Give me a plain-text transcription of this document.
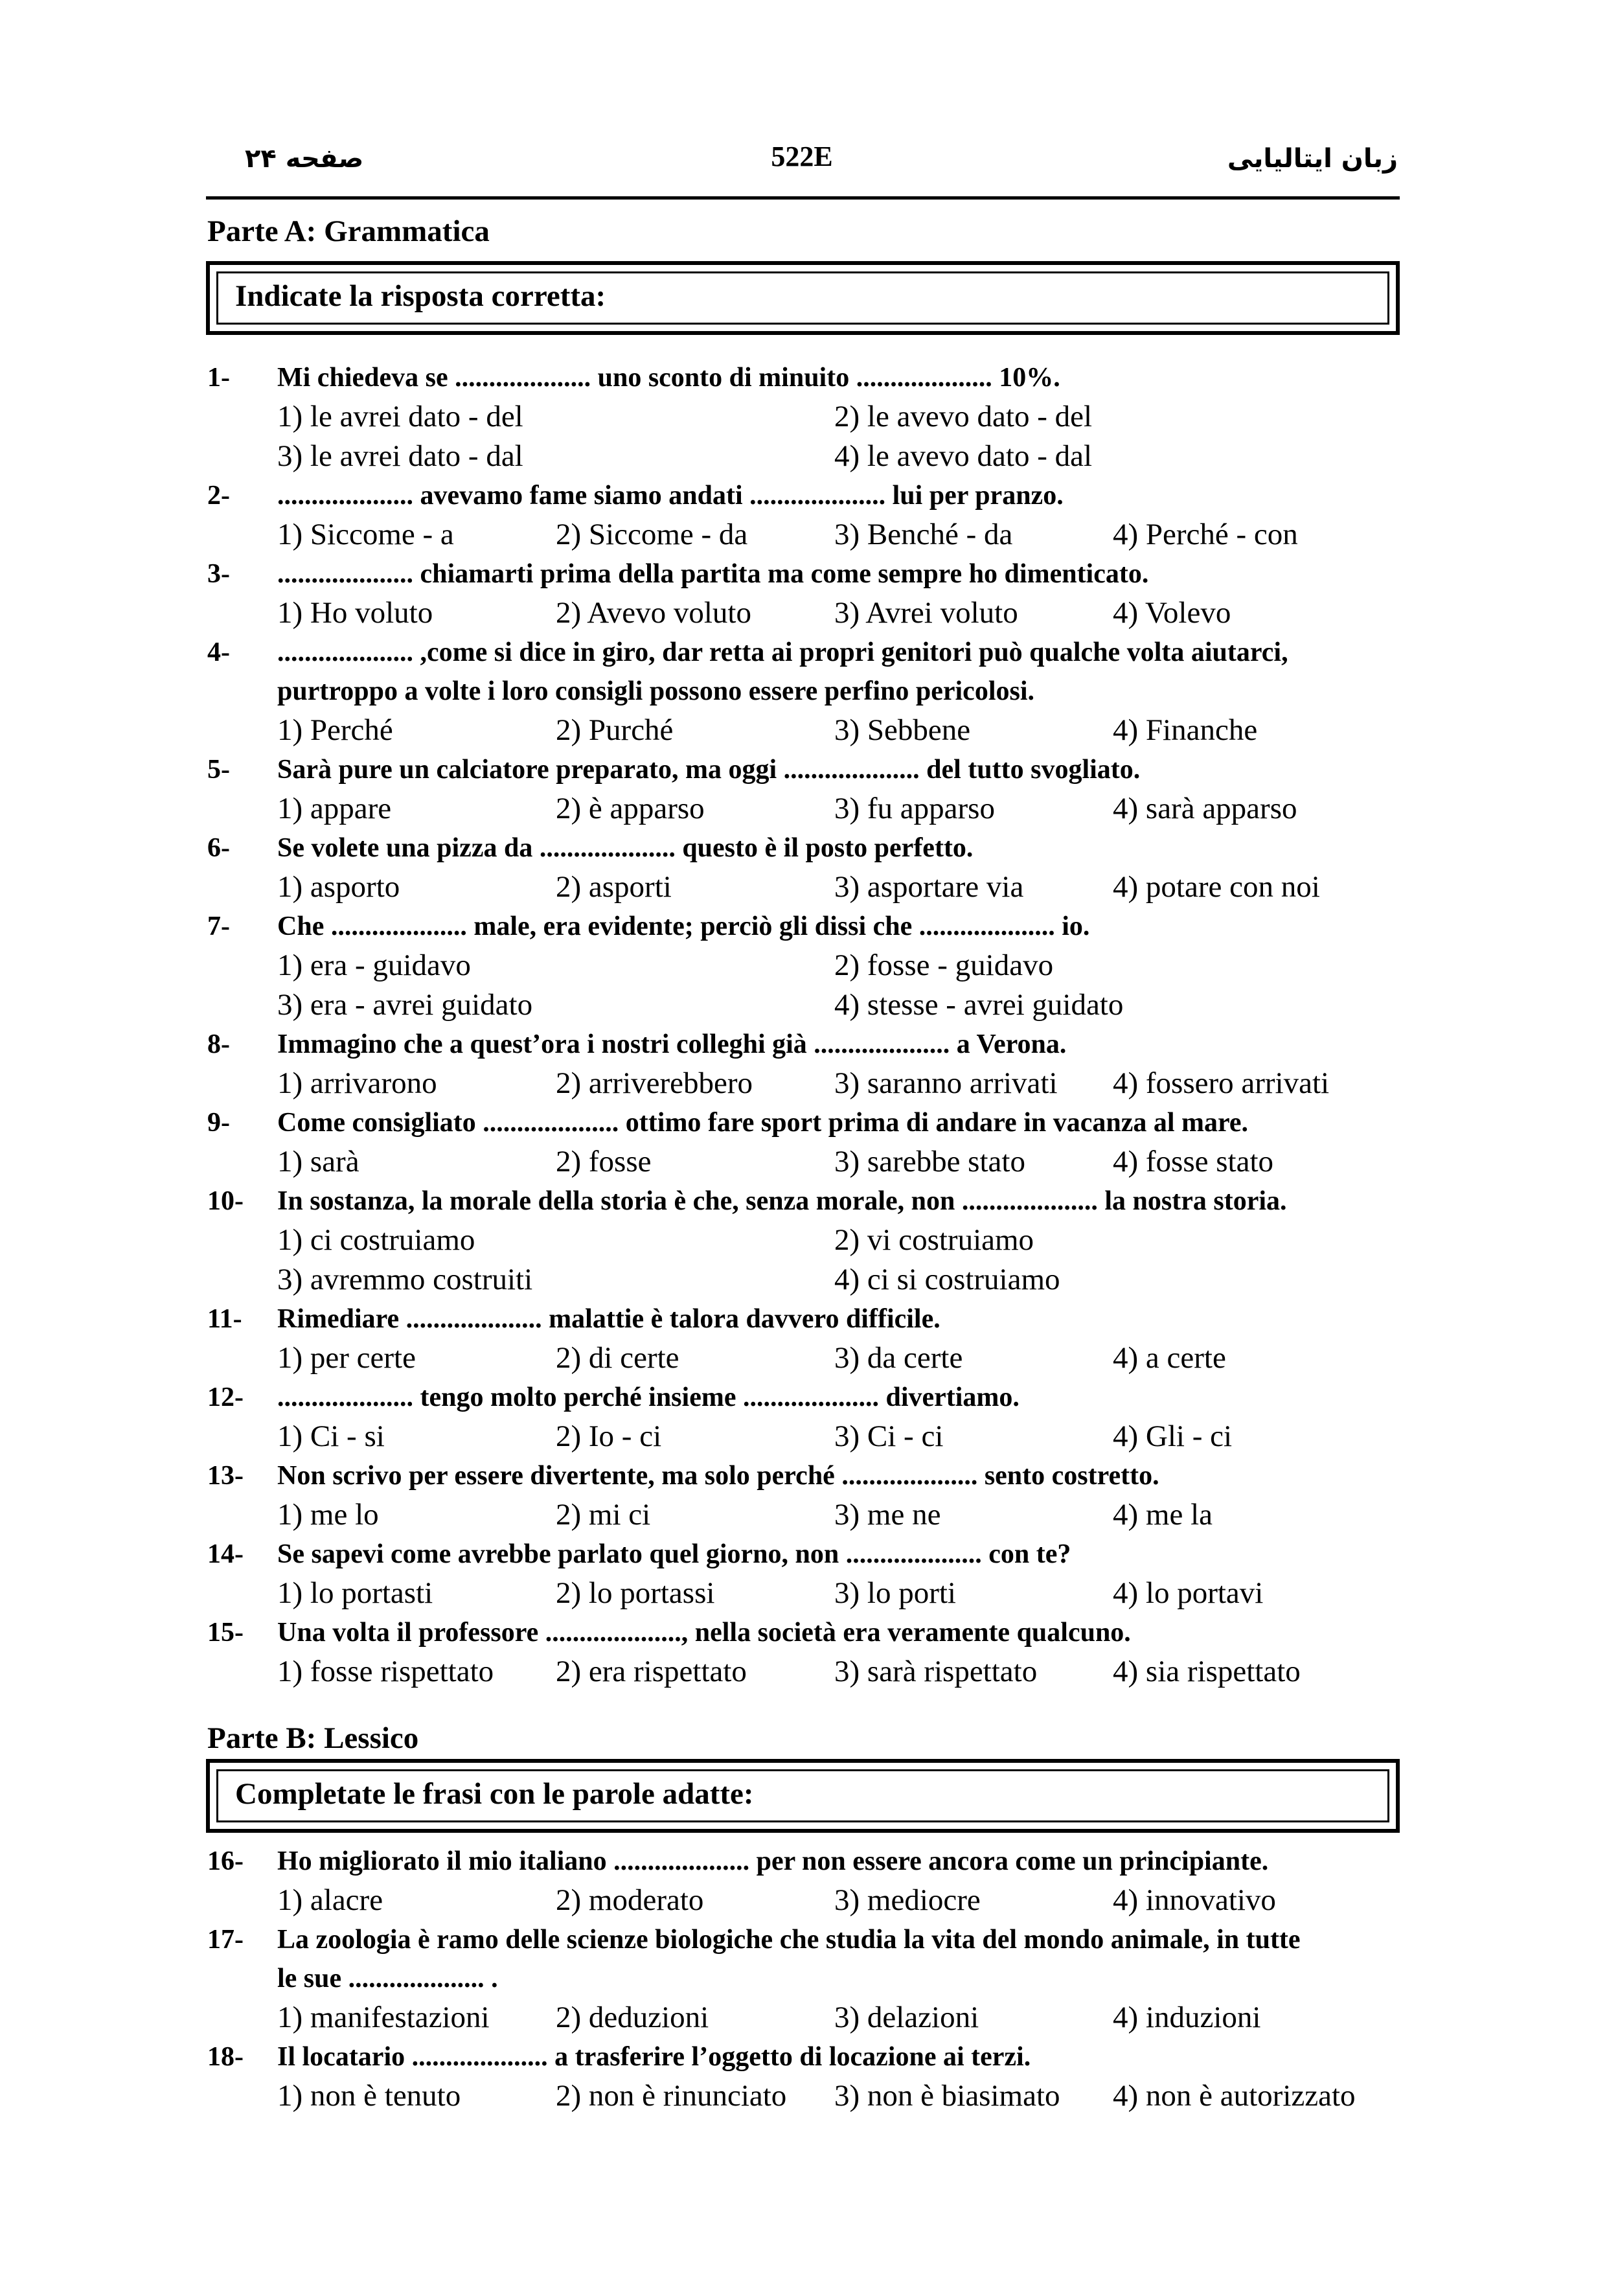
صفحه ۲۴	522E	زبان ایتالیایی
Parte A: Grammatica
Indicate la risposta corretta:
1- Mi chiedeva se .................... uno sconto di minuito .................... 10%.
1) le avrei dato - del	2) le avevo dato - del
3) le avrei dato - dal	4) le avevo dato - dal
2- .................... avevamo fame siamo andati .................... lui per pranzo.
1) Siccome - a	2) Siccome - da	3) Benché - da	4) Perché - con
3- .................... chiamarti prima della partita ma come sempre ho dimenticato.
1) Ho voluto	2) Avevo voluto	3) Avrei voluto	4) Volevo
4- .................... ,come si dice in giro, dar retta ai propri genitori può qualche volta aiutarci,
purtroppo a volte i loro consigli possono essere perfino pericolosi.
1) Perché	2) Purché	3) Sebbene	4) Finanche
5- Sarà pure un calciatore preparato, ma oggi .................... del tutto svogliato.
1) appare	2) è apparso	3) fu apparso	4) sarà apparso
6- Se volete una pizza da .................... questo è il posto perfetto.
1) asporto	2) asporti	3) asportare via	4) potare con noi
7- Che .................... male, era evidente; perciò gli dissi che .................... io.
1) era - guidavo	2) fosse - guidavo
3) era - avrei guidato	4) stesse - avrei guidato
8- Immagino che a quest’ora i nostri colleghi già .................... a Verona.
1) arrivarono	2) arriverebbero	3) saranno arrivati	4) fossero arrivati
9- Come consigliato .................... ottimo fare sport prima di andare in vacanza al mare.
1) sarà	2) fosse	3) sarebbe stato	4) fosse stato
10- In sostanza, la morale della storia è che, senza morale, non .................... la nostra storia.
1) ci costruiamo	2) vi costruiamo
3) avremmo costruiti	4) ci si costruiamo
11- Rimediare .................... malattie è talora davvero difficile.
1) per certe	2) di certe	3) da certe	4) a certe
12- .................... tengo molto perché insieme .................... divertiamo.
1) Ci - si	2) Io - ci	3) Ci - ci	4) Gli - ci
13- Non scrivo per essere divertente, ma solo perché .................... sento costretto.
1) me lo	2) mi ci	3) me ne	4) me la
14- Se sapevi come avrebbe parlato quel giorno, non .................... con te?
1) lo portasti	2) lo portassi	3) lo porti	4) lo portavi
15- Una volta il professore ...................., nella società era veramente qualcuno.
1) fosse rispettato	2) era rispettato	3) sarà rispettato	4) sia rispettato
Parte B: Lessico
Completate le frasi con le parole adatte:
16- Ho migliorato il mio italiano .................... per non essere ancora come un principiante.
1) alacre	2) moderato	3) mediocre	4) innovativo
17- La zoologia è ramo delle scienze biologiche che studia la vita del mondo animale, in tutte
le sue .................... .
1) manifestazioni	2) deduzioni	3) delazioni	4) induzioni
18- Il locatario .................... a trasferire l’oggetto di locazione ai terzi.
1) non è tenuto	2) non è rinunciato	3) non è biasimato	4) non è autorizzato
